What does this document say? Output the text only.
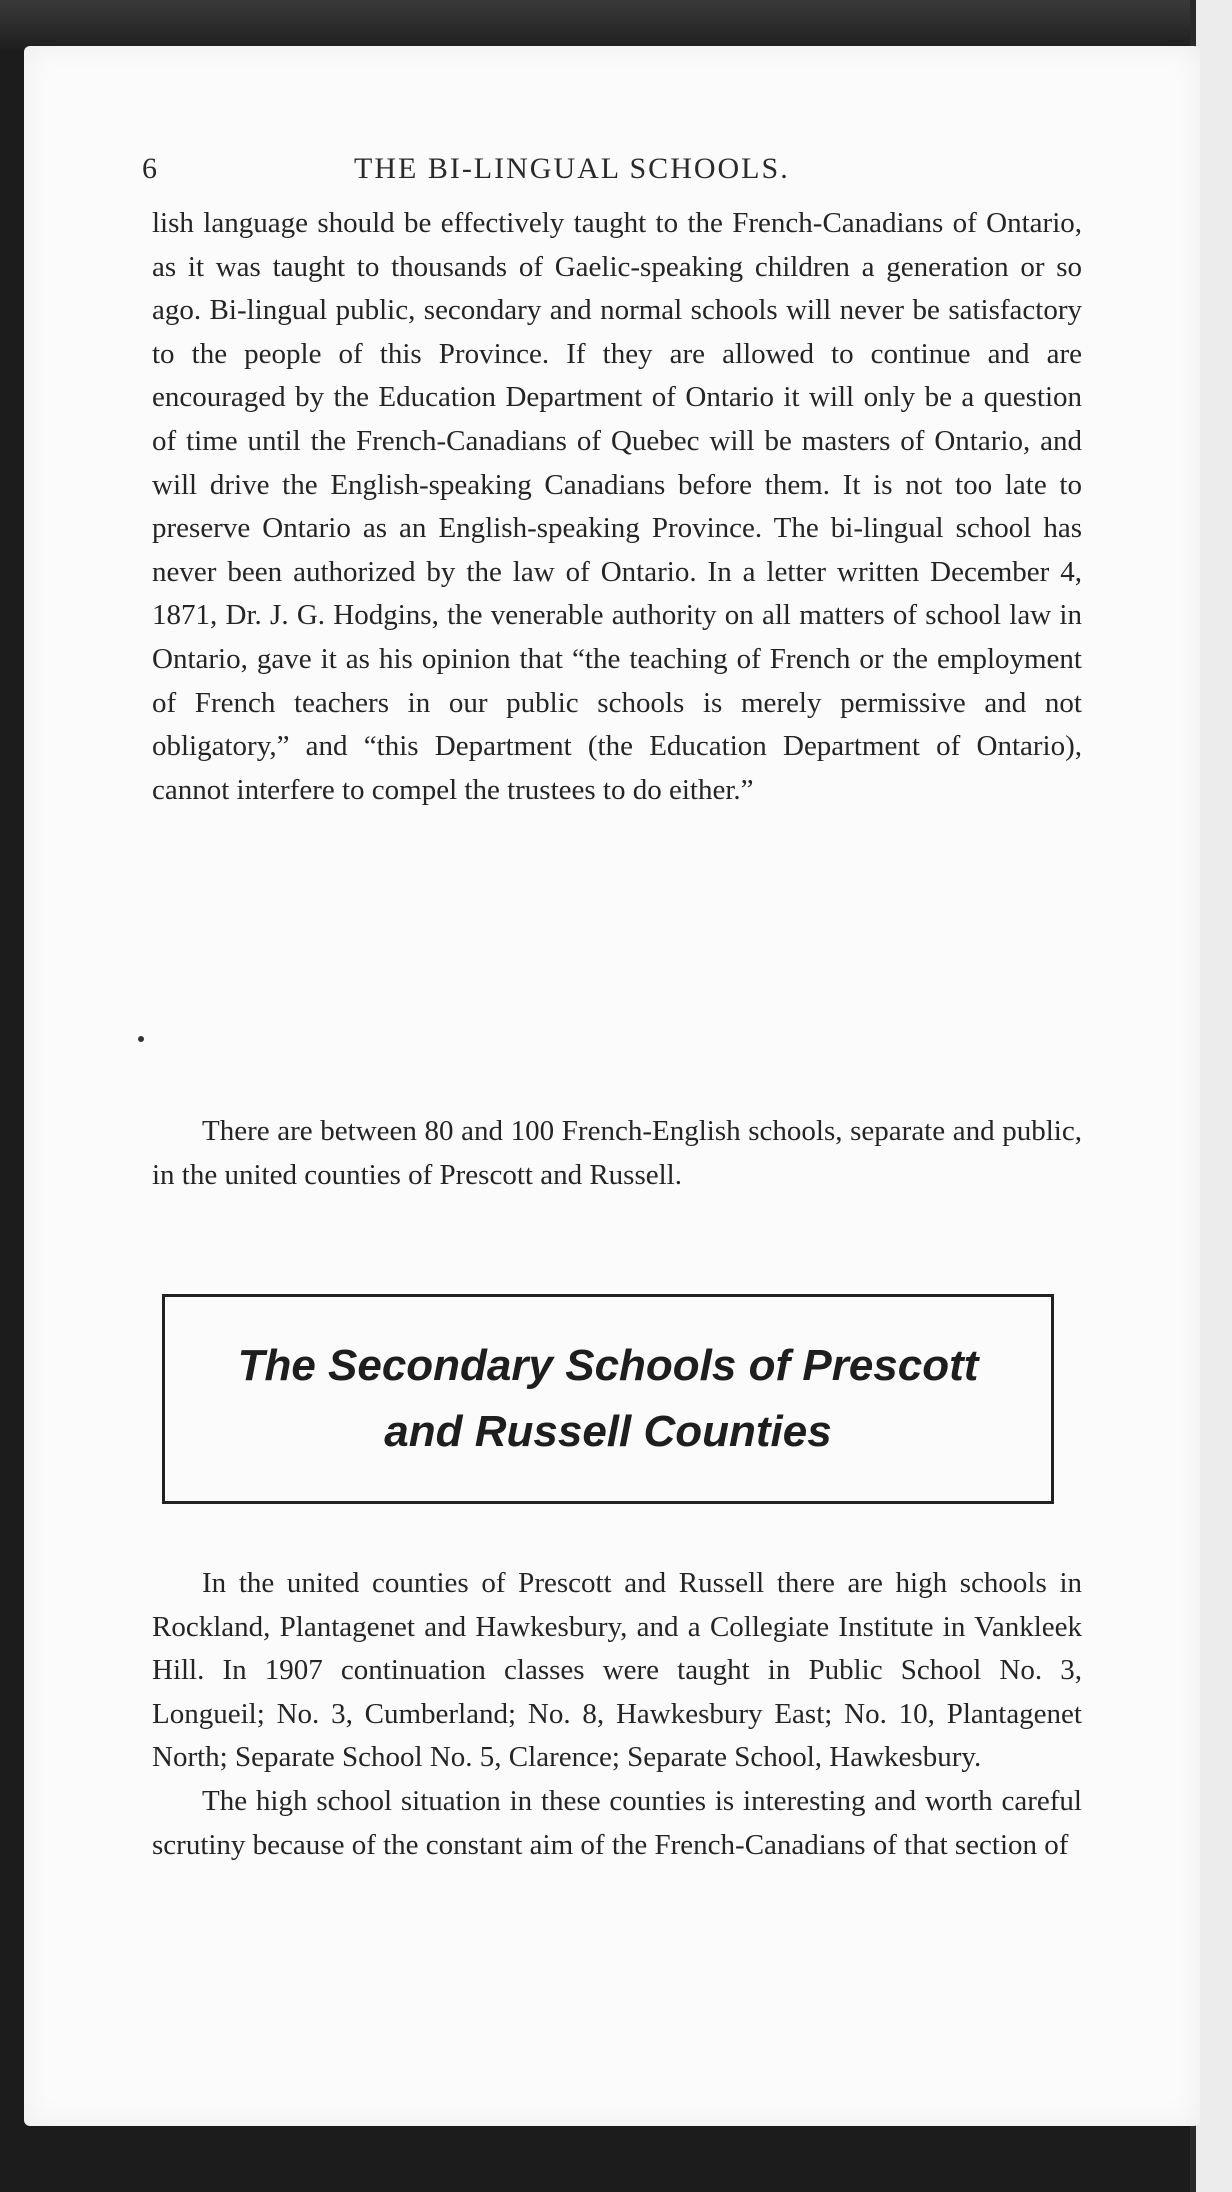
6	THE BI-LINGUAL SCHOOLS.
lish language should be effectively taught to the French-Canadians of Ontario, as it was taught to thousands of Gaelic-speaking children a generation or so ago. Bi-lingual public, secondary and normal schools will never be satisfactory to the people of this Province. If they are allowed to continue and are encouraged by the Education Department of Ontario it will only be a question of time until the French-Canadians of Quebec will be masters of Ontario, and will drive the English-speaking Canadians before them. It is not too late to preserve Ontario as an English-speaking Province. The bi-lingual school has never been authorized by the law of Ontario. In a letter written December 4, 1871, Dr. J. G. Hodgins, the venerable authority on all matters of school law in Ontario, gave it as his opinion that “the teaching of French or the employment of French teachers in our public schools is merely permissive and not obligatory,” and “this Department (the Education Department of Ontario), cannot interfere to compel the trustees to do either.”
There are between 80 and 100 French-English schools, separate and public, in the united counties of Prescott and Russell.
The Secondary Schools of Prescott
and Russell Counties
In the united counties of Prescott and Russell there are high schools in Rockland, Plantagenet and Hawkesbury, and a Collegiate Institute in Vankleek Hill. In 1907 continuation classes were taught in Public School No. 3, Longueil; No. 3, Cumberland; No. 8, Hawkesbury East; No. 10, Plantagenet North; Separate School No. 5, Clarence; Separate School, Hawkesbury.
The high school situation in these counties is interesting and worth careful scrutiny because of the constant aim of the French-Canadians of that section of
